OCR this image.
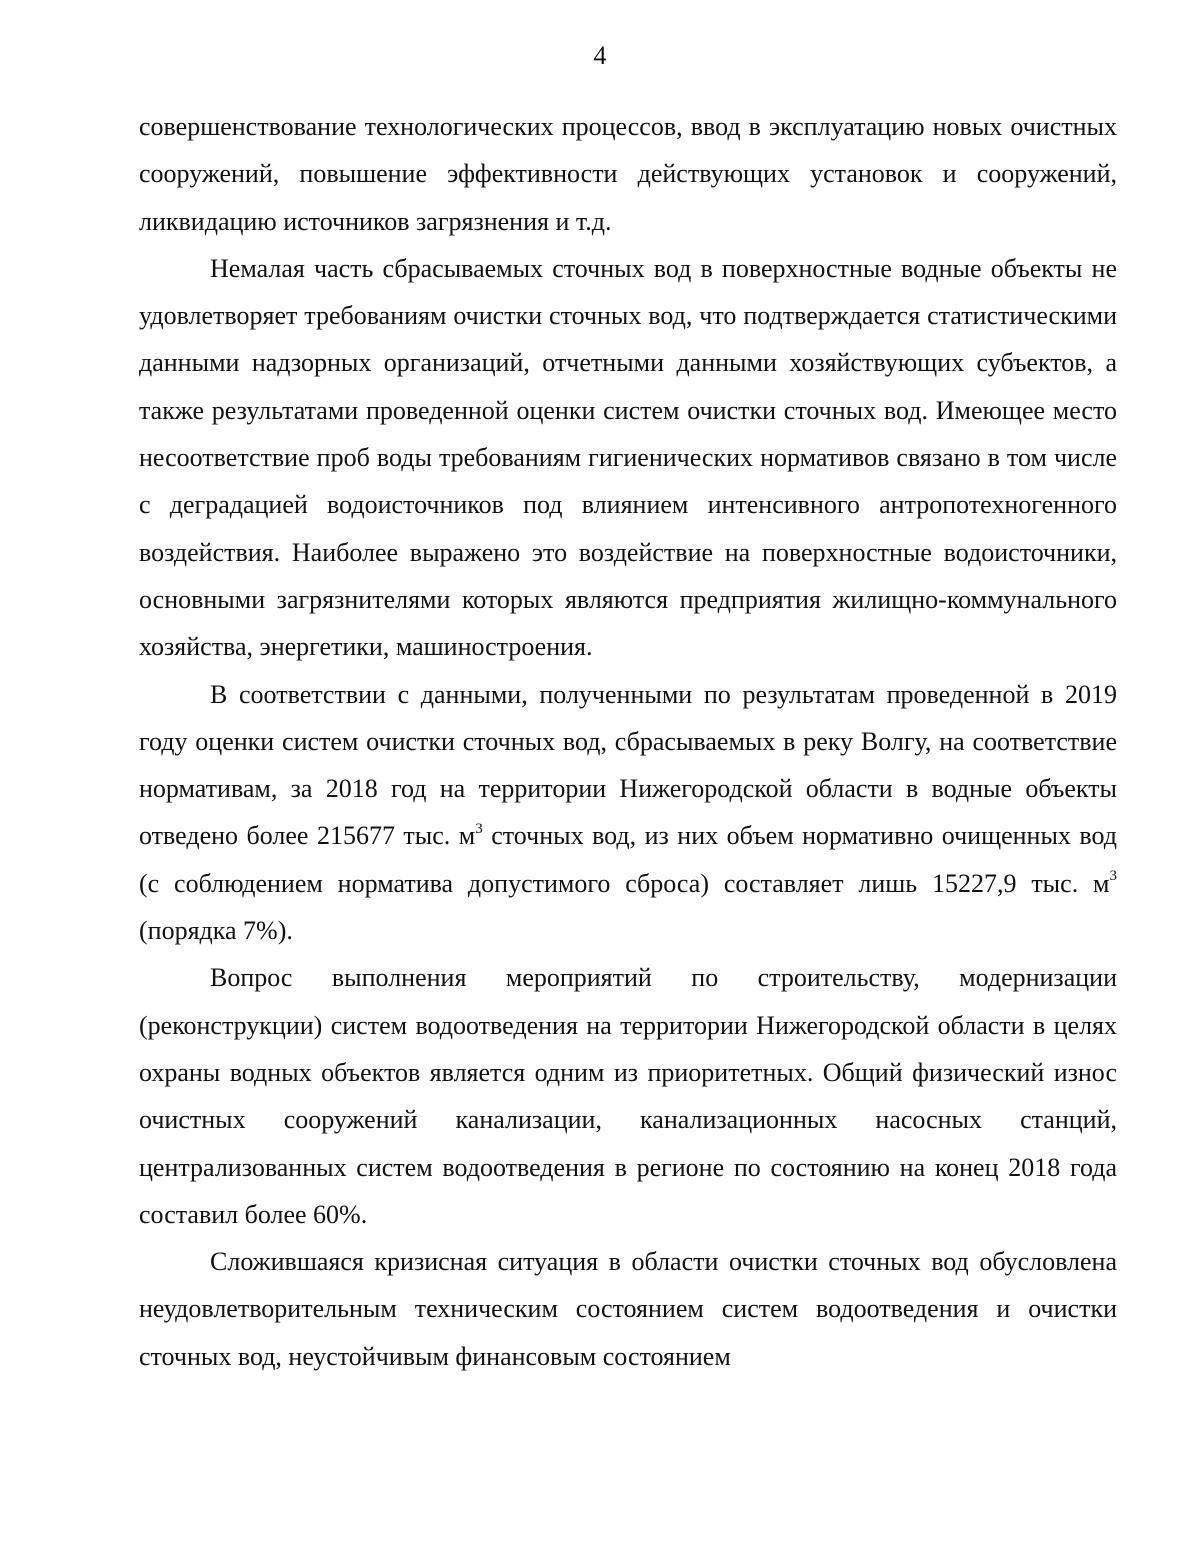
4

совершенствование технологических процессов, ввод в эксплуатацию новых очистных сооружений, повышение эффективности действующих установок и сооружений, ликвидацию источников загрязнения и т.д.

Немалая часть сбрасываемых сточных вод в поверхностные водные объекты не удовлетворяет требованиям очистки сточных вод, что подтверждается статистическими данными надзорных организаций, отчетными данными хозяйствующих субъектов, а также результатами проведенной оценки систем очистки сточных вод. Имеющее место несоответствие проб воды требованиям гигиенических нормативов связано в том числе с деградацией водоисточников под влиянием интенсивного антропотехногенного воздействия. Наиболее выражено это воздействие на поверхностные водоисточники, основными загрязнителями которых являются предприятия жилищно-коммунального хозяйства, энергетики, машиностроения.

В соответствии с данными, полученными по результатам проведенной в 2019 году оценки систем очистки сточных вод, сбрасываемых в реку Волгу, на соответствие нормативам, за 2018 год на территории Нижегородской области в водные объекты отведено более 215677 тыс. $м^3$ сточных вод, из них объем нормативно очищенных вод (с соблюдением норматива допустимого сброса) составляет лишь 15227,9 тыс. $м^3$ (порядка 7%).

Вопрос выполнения мероприятий по строительству, модернизации (реконструкции) систем водоотведения на территории Нижегородской области в целях охраны водных объектов является одним из приоритетных. Общий физический износ очистных сооружений канализации, канализационных насосных станций, централизованных систем водоотведения в регионе по состоянию на конец 2018 года составил более 60%.

Сложившаяся кризисная ситуация в области очистки сточных вод обусловлена неудовлетворительным техническим состоянием систем водоотведения и очистки сточных вод, неустойчивым финансовым состоянием
